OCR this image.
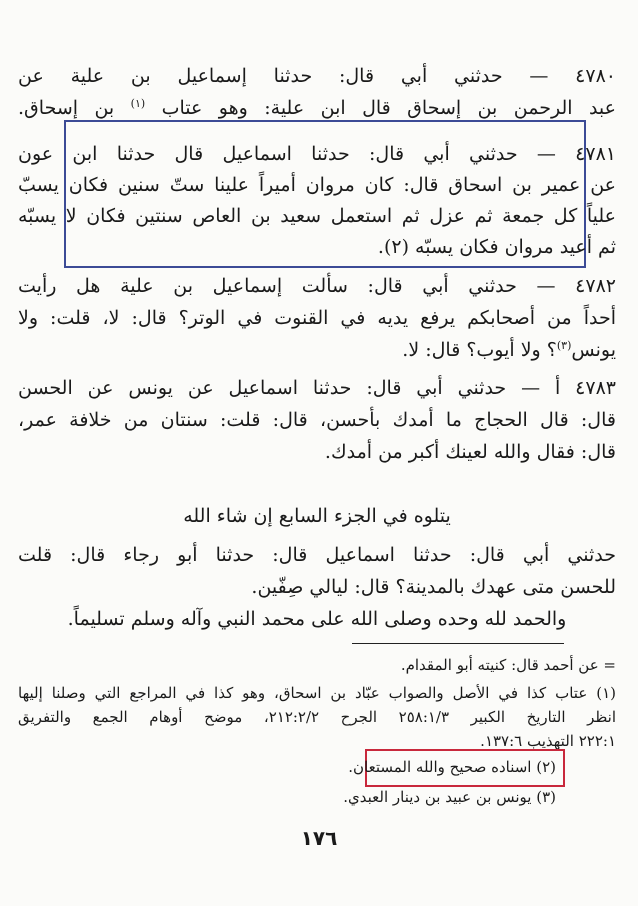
٤٧٨٠ — حدثني أبي قال: حدثنا إسماعيل بن علية عن
عبد الرحمن بن إسحاق قال ابن علية: وهو عتاب $^{(١)}$ بن إسحاق.
٤٧٨١ — حدثني أبي قال: حدثنا اسماعيل قال حدثنا ابن عون
عن عمير بن اسحاق قال: كان مروان أميراً علينا ستّ سنين فكان يسبّ
علياً كل جمعة ثم عزل ثم استعمل سعيد بن العاص سنتين فكان لا يسبّه
ثم أعيد مروان فكان يسبّه (٢).
٤٧٨٢ — حدثني أبي قال: سألت إسماعيل بن علية هل رأيت
أحداً من أصحابكم يرفع يديه في القنوت في الوتر؟ قال: لا، قلت: ولا
يونس$^{(٣)}$؟ ولا أيوب؟ قال: لا.
٤٧٨٣ أ — حدثني أبي قال: حدثنا اسماعيل عن يونس عن الحسن
قال: قال الحجاج ما أمدك بأحسن، قال: قلت: سنتان من خلافة عمر،
قال: فقال والله لعينك أكبر من أمدك.
يتلوه في الجزء السابع إن شاء الله
حدثني أبي قال: حدثنا اسماعيل قال: حدثنا أبو رجاء قال: قلت
للحسن متى عهدك بالمدينة؟ قال: ليالي صِفّين.
والحمد لله وحده وصلى الله على محمد النبي وآله وسلم تسليماً.
= عن أحمد قال: كنيته أبو المقدام.
(١) عتاب كذا في الأصل والصواب عبّاد بن اسحاق، وهو كذا في المراجع التي وصلنا إليها
انظر التاريخ الكبير ٢٥٨:١/٣ الجرح ٢١٢:٢/٢، موضح أوهام الجمع والتفريق
٢٢٢:١ التهذيب ١٣٧:٦.
(٢) اسناده صحيح والله المستعان.
(٣) يونس بن عبيد بن دينار العبدي.
١٧٦
